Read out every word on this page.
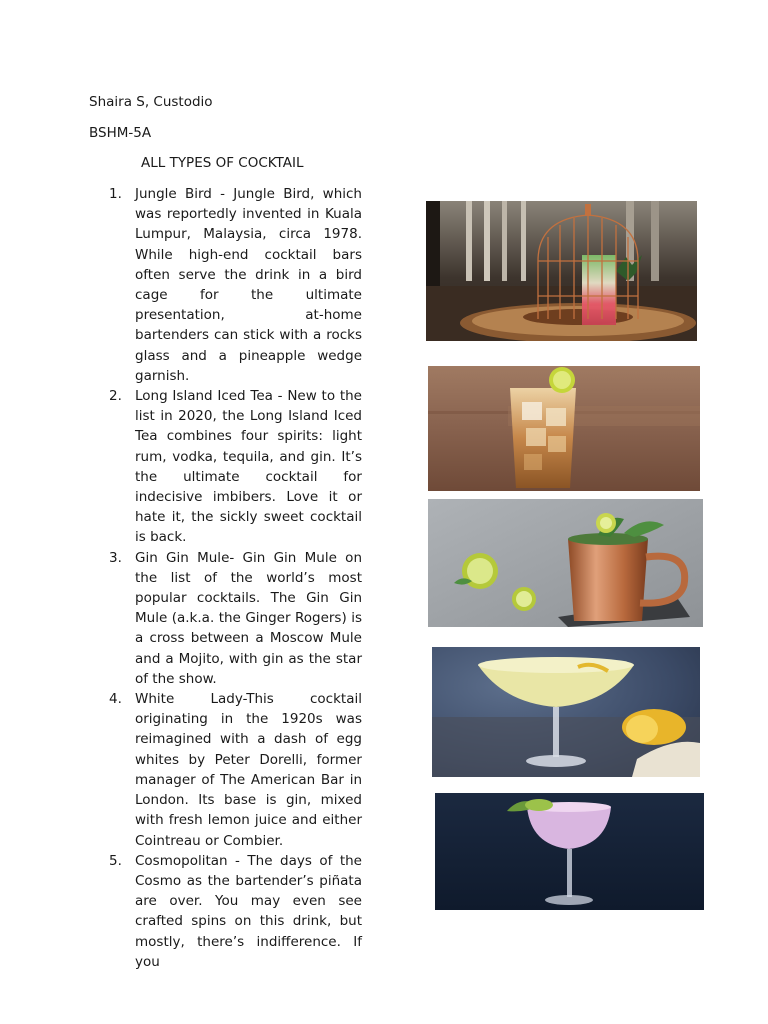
Shaira S, Custodio
BSHM-5A
ALL TYPES OF COCKTAIL
1. Jungle Bird - Jungle Bird, which was reportedly invented in Kuala Lumpur, Malaysia, circa 1978. While high-end cocktail bars often serve the drink in a bird cage for the ultimate presentation, at-home bartenders can stick with a rocks glass and a pineapple wedge garnish.
2. Long Island Iced Tea - New to the list in 2020, the Long Island Iced Tea combines four spirits: light rum, vodka, tequila, and gin. It’s the ultimate cocktail for indecisive imbibers. Love it or hate it, the sickly sweet cocktail is back.
3. Gin Gin Mule- Gin Gin Mule on the list of the world’s most popular cocktails. The Gin Gin Mule (a.k.a. the Ginger Rogers) is a cross between a Moscow Mule and a Mojito, with gin as the star of the show.
4. White Lady-This cocktail originating in the 1920s was reimagined with a dash of egg whites by Peter Dorelli, former manager of The American Bar in London. Its base is gin, mixed with fresh lemon juice and either Cointreau or Combier.
5. Cosmopolitan - The days of the Cosmo as the bartender’s piñata are over. You may even see crafted spins on this drink, but mostly, there’s indifference. If you
